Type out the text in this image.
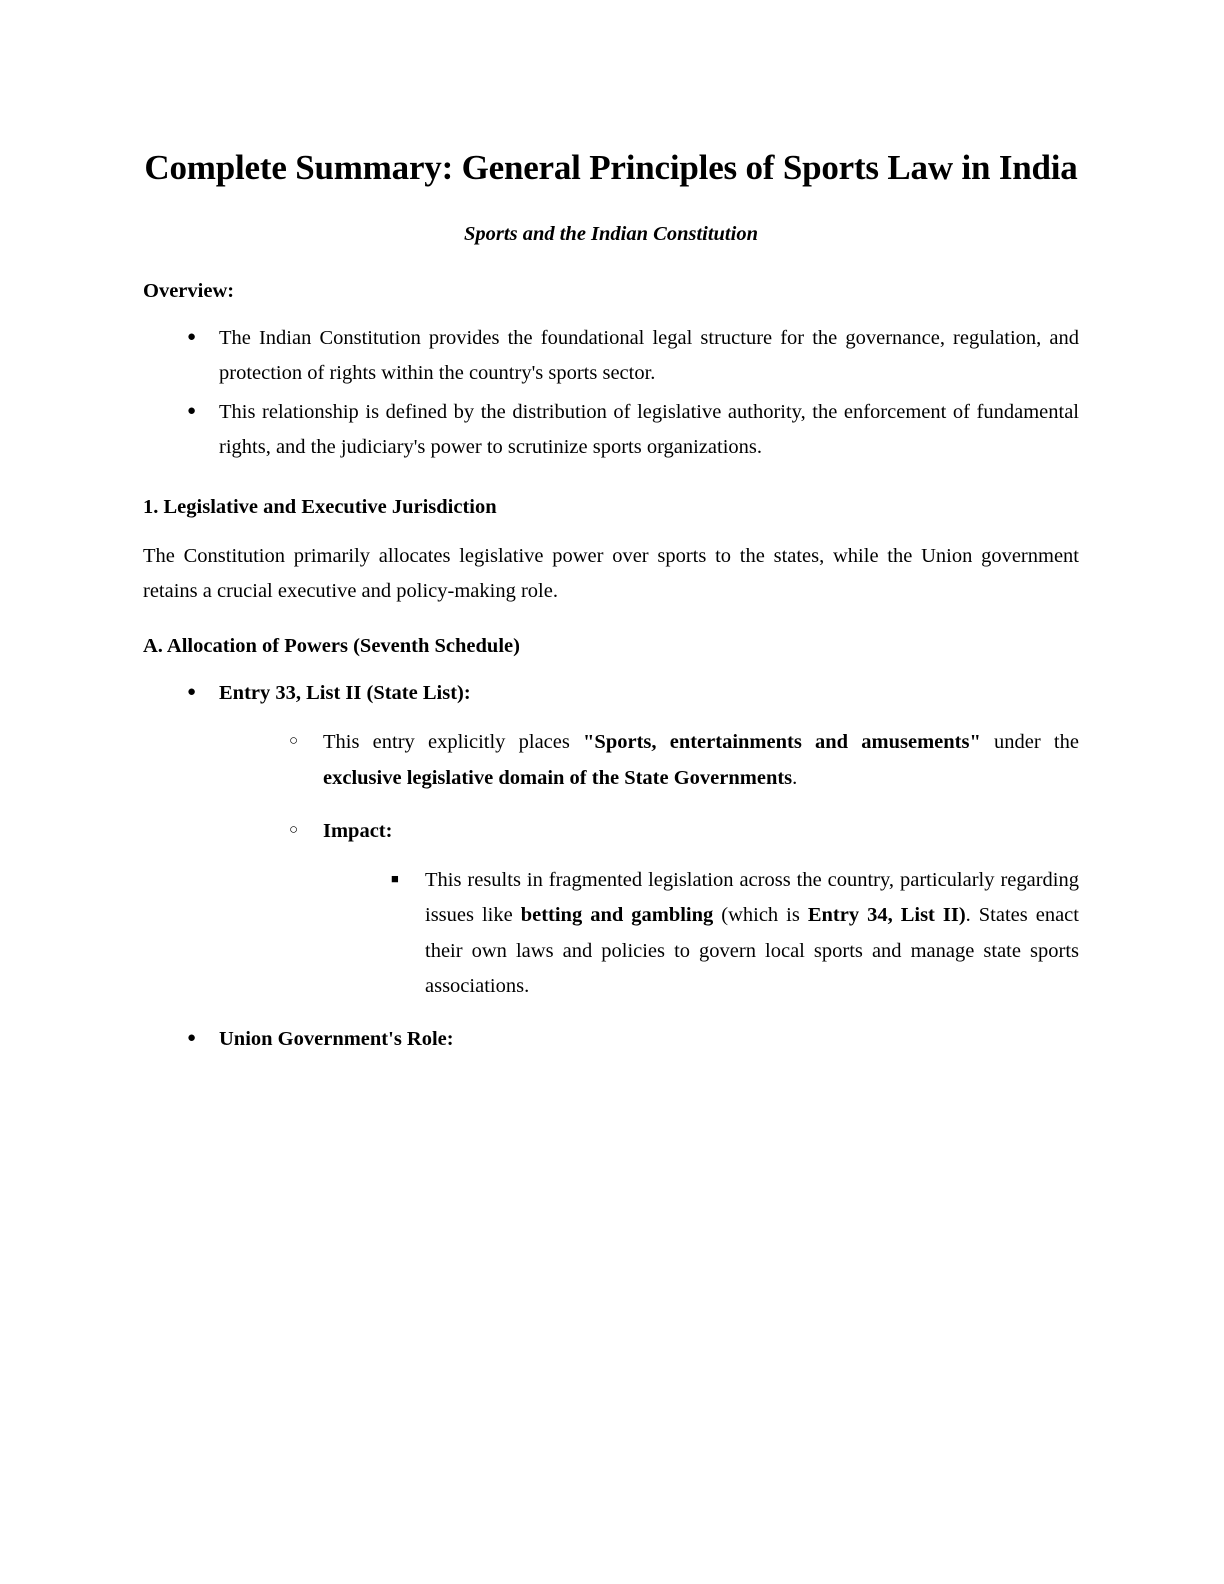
Complete Summary: General Principles of Sports Law in India
Sports and the Indian Constitution
Overview:
● The Indian Constitution provides the foundational legal structure for the governance, regulation, and protection of rights within the country's sports sector.
● This relationship is defined by the distribution of legislative authority, the enforcement of fundamental rights, and the judiciary's power to scrutinize sports organizations.
1. Legislative and Executive Jurisdiction

The Constitution primarily allocates legislative power over sports to the states, while the Union government retains a crucial executive and policy-making role.

A. Allocation of Powers (Seventh Schedule)
● Entry 33, List II (State List):
○ This entry explicitly places "Sports, entertainments and amusements" under the exclusive legislative domain of the State Governments.
○ Impact:
■ This results in fragmented legislation across the country, particularly regarding issues like betting and gambling (which is Entry 34, List II). States enact their own laws and policies to govern local sports and manage state sports associations.
● Union Government's Role:
